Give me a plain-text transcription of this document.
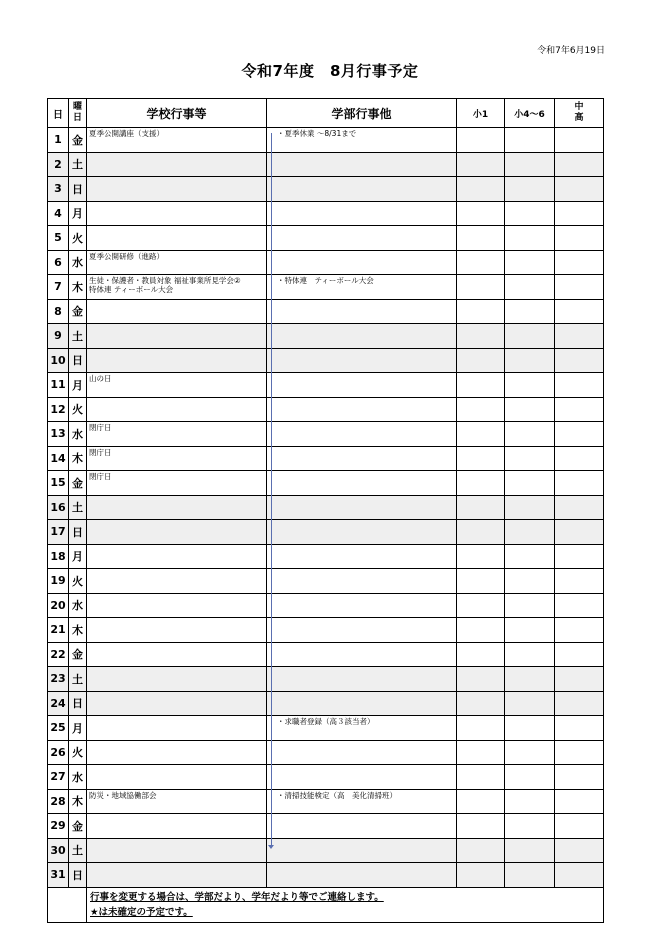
令和7年6月19日
令和7年度　8月行事予定
日	曜日	学校行事等	学部行事他	小1	小4～6	中高
1	金	夏季公開講座（支援）	・夏季休業 ～8/31まで			

2	土					
3	日					
4	月					
5	火					
6	水	夏季公開研修（進路）				

7	木	生徒・保護者・教員対象 福祉事業所見学会②
特体連 ティーボール大会	・特体連　ティーボール大会			

8	金					
9	土					
10	日					
11	月	山の日				

12	火					
13	水	閉庁日				

14	木	閉庁日				

15	金	閉庁日				

16	土					
17	日					
18	月					
19	火					
20	水					
21	木					
22	金					
23	土					
24	日					
25	月		・求職者登録（高３該当者）			

26	火					
27	水					
28	木	防災・地域協働部会	・清掃技能検定（高　美化清掃班）			

29	金					
30	土					
31	日					

		行事を変更する場合は、学部だより、学年だより等でご連絡します。
★は未確定の予定です。				
